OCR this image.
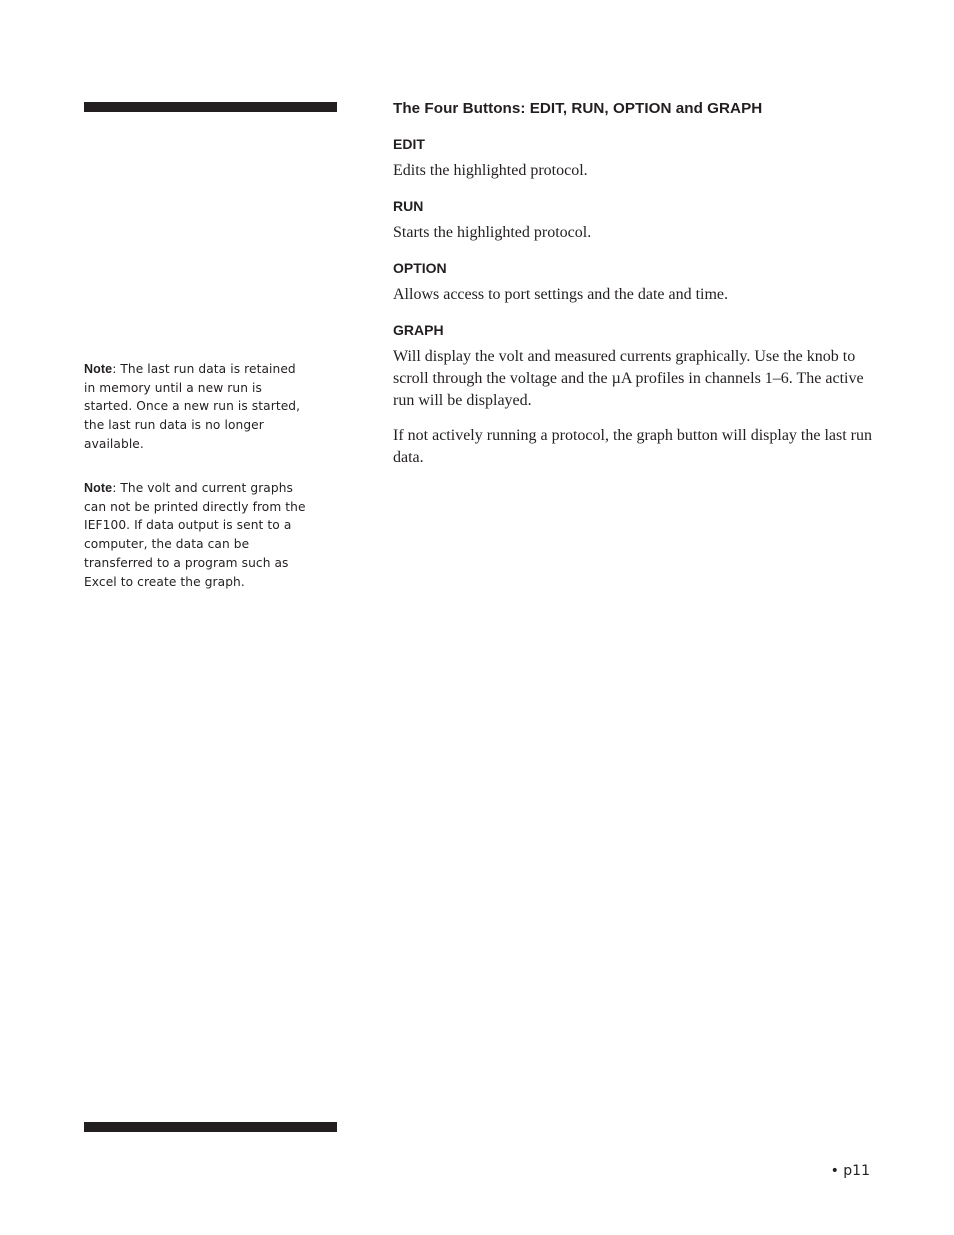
Note: The last run data is retained in memory until a new run is started. Once a new run is started, the last run data is no longer available.
Note: The volt and current graphs can not be printed directly from the IEF100. If data output is sent to a computer, the data can be transferred to a program such as Excel to create the graph.
The Four Buttons: EDIT, RUN, OPTION and GRAPH
EDIT

Edits the highlighted protocol.

RUN

Starts the highlighted protocol.

OPTION

Allows access to port settings and the date and time.

GRAPH

Will display the volt and measured currents graphically. Use the knob to scroll through the voltage and the µA profiles in channels 1–6. The active run will be displayed.

If not actively running a protocol, the graph button will display the last run data.

• p11
